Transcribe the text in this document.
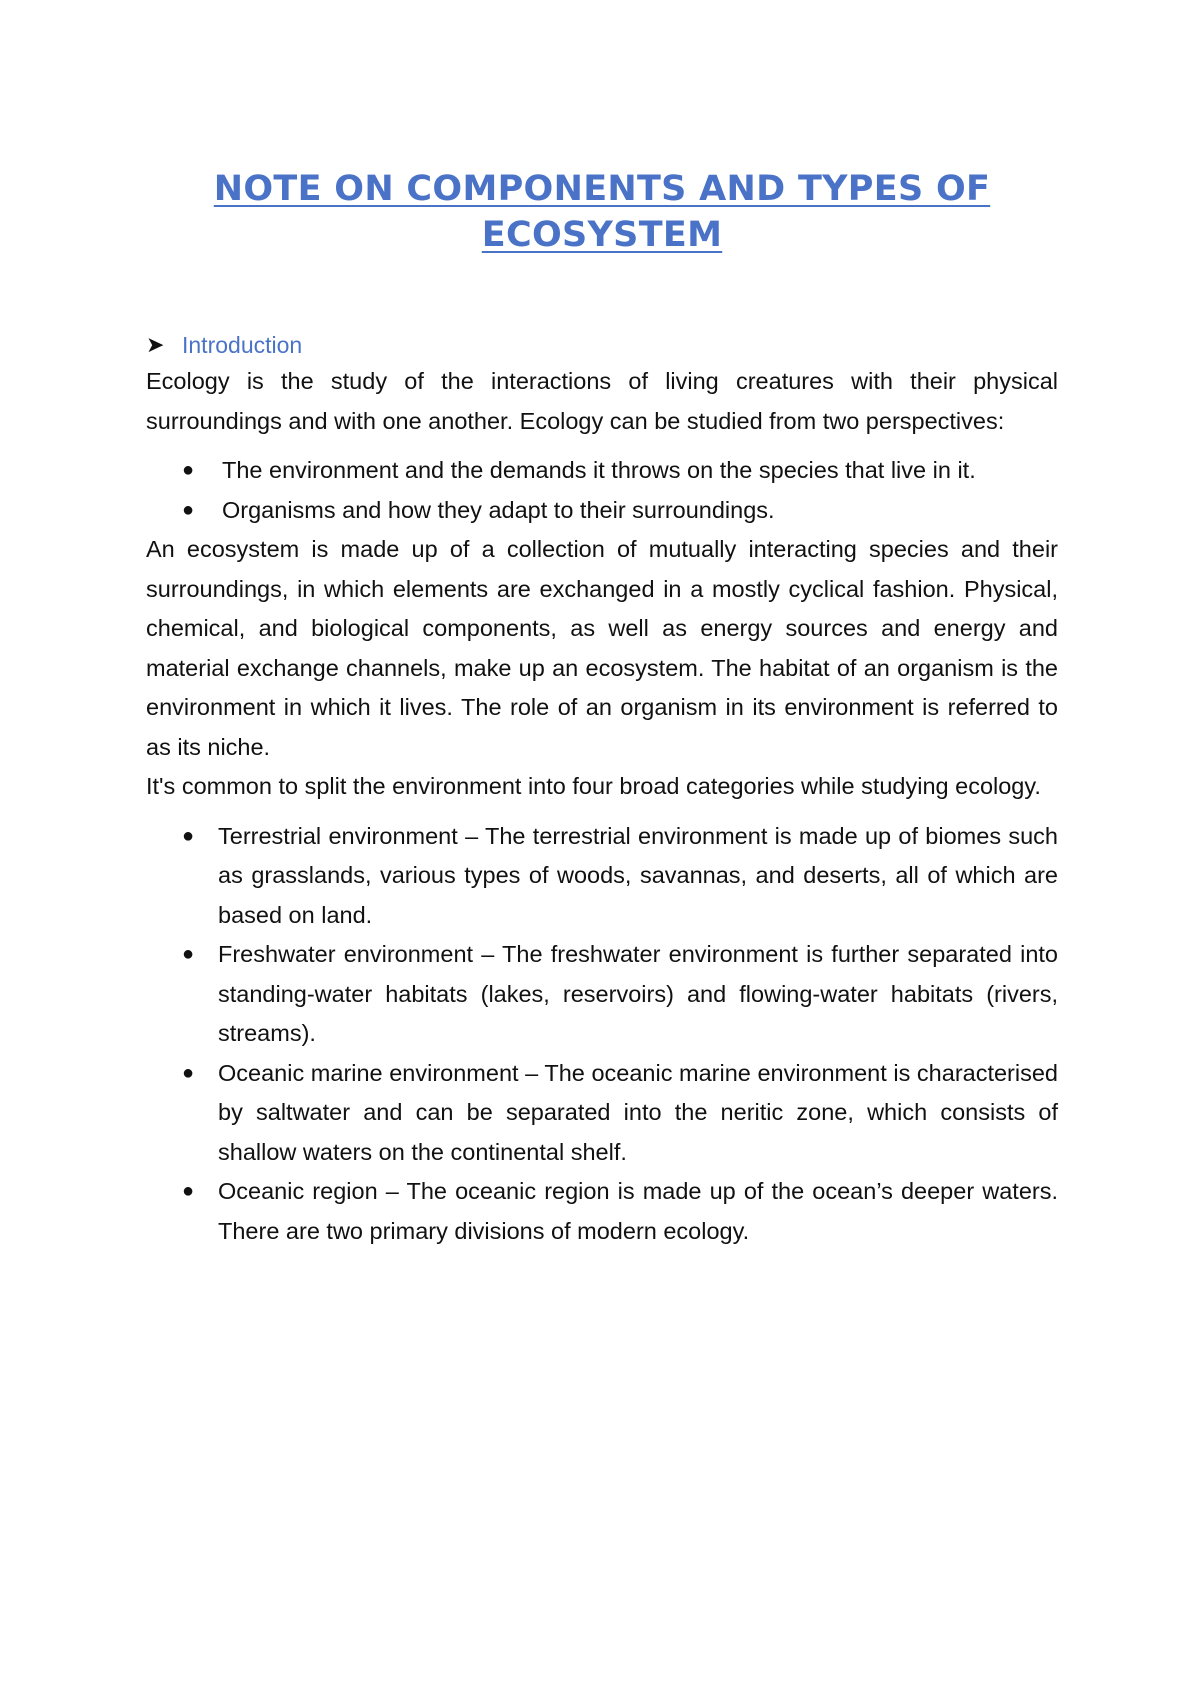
NOTE ON COMPONENTS AND TYPES OF ECOSYSTEM
➤ Introduction

Ecology is the study of the interactions of living creatures with their physical surroundings and with one another. Ecology can be studied from two perspectives:

● The environment and the demands it throws on the species that live in it.
● Organisms and how they adapt to their surroundings.

An ecosystem is made up of a collection of mutually interacting species and their surroundings, in which elements are exchanged in a mostly cyclical fashion. Physical, chemical, and biological components, as well as energy sources and energy and material exchange channels, make up an ecosystem. The habitat of an organism is the environment in which it lives. The role of an organism in its environment is referred to as its niche.

It's common to split the environment into four broad categories while studying ecology.

● Terrestrial environment – The terrestrial environment is made up of biomes such as grasslands, various types of woods, savannas, and deserts, all of which are based on land.
● Freshwater environment – The freshwater environment is further separated into standing-water habitats (lakes, reservoirs) and flowing-water habitats (rivers, streams).
● Oceanic marine environment – The oceanic marine environment is characterised by saltwater and can be separated into the neritic zone, which consists of shallow waters on the continental shelf.
● Oceanic region – The oceanic region is made up of the ocean’s deeper waters. There are two primary divisions of modern ecology.
